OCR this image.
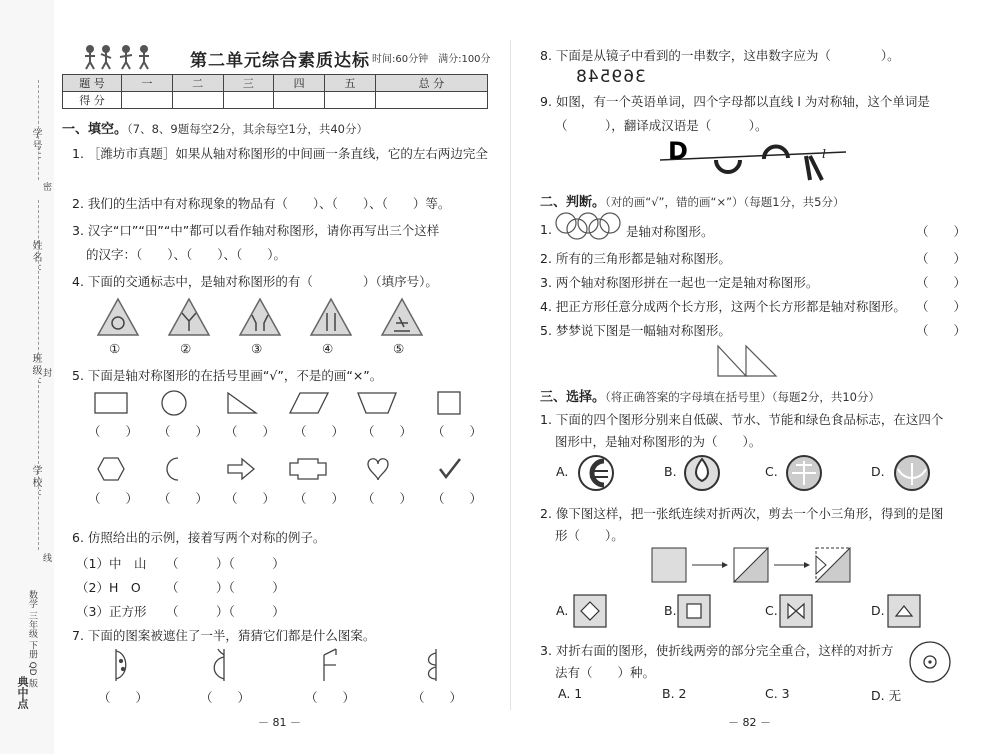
学号：
密
姓名：
班级： 封
学校：
线
数学 三年级 下册 QD 版
典中点
第二单元综合素质达标 时间:60分钟　满分:100分
题 号	一	二	三	四	五	总 分
得 分						
一、填空。（7、8、9题每空2分，其余每空1分，共40分）
1. ［潍坊市真题］如果从轴对称图形的中间画一条直线，它的左右两边完全
2. 我们的生活中有对称现象的物品有（　　）、（　　）、（　　）等。
3. 汉字“口”“田”“中”都可以看作轴对称图形，请你再写出三个这样
的汉字：（　　）、（　　）、（　　）。
4. 下面的交通标志中，是轴对称图形的有（　　　　）（填序号）。
①	②	③	④	⑤
5. 下面是轴对称图形的在括号里画“√”，不是的画“×”。
（　　） （　　） （　　） （　　） （　　） （　　）
（　　） （　　） （　　） （　　） （　　） （　　）
6. 仿照给出的示例，接着写两个对称的例子。
（1）中　山 （　　　）（　　　）
（2）H　O （　　　）（　　　）
（3）正方形 （　　　）（　　　）
7. 下面的图案被遮住了一半，猜猜它们都是什么图案。
（　　）	（　　）	（　　）	（　　）
－ 81 －
8. 下面是从镜子中看到的一串数字，这串数字应为（　　　　）。
369548
9. 如图，有一个英语单词，四个字母都以直线 l 为对称轴，这个单词是
（　　　），翻译成汉语是（　　　）。
D	l
二、判断。（对的画“√”，错的画“×”）（每题1分，共5分）
1.	是轴对称图形。	（　　）
2. 所有的三角形都是轴对称图形。	（　　）
3. 两个轴对称图形拼在一起也一定是轴对称图形。	（　　）
4. 把正方形任意分成两个长方形，这两个长方形都是轴对称图形。 （　　）
5. 梦梦说下图是一幅轴对称图形。	（　　）
三、选择。（将正确答案的字母填在括号里）（每题2分，共10分）
1. 下面的四个图形分别来自低碳、节水、节能和绿色食品标志，在这四个
图形中，是轴对称图形的为（　　）。
A.	B.	C.	D.
2. 像下图这样，把一张纸连续对折两次，剪去一个小三角形，得到的是图
形（　　）。
A.	B.	C.	D.
3. 对折右面的图形，使折线两旁的部分完全重合，这样的对折方
法有（　　）种。
A. 1	B. 2	C. 3	D. 无
－ 82 －
